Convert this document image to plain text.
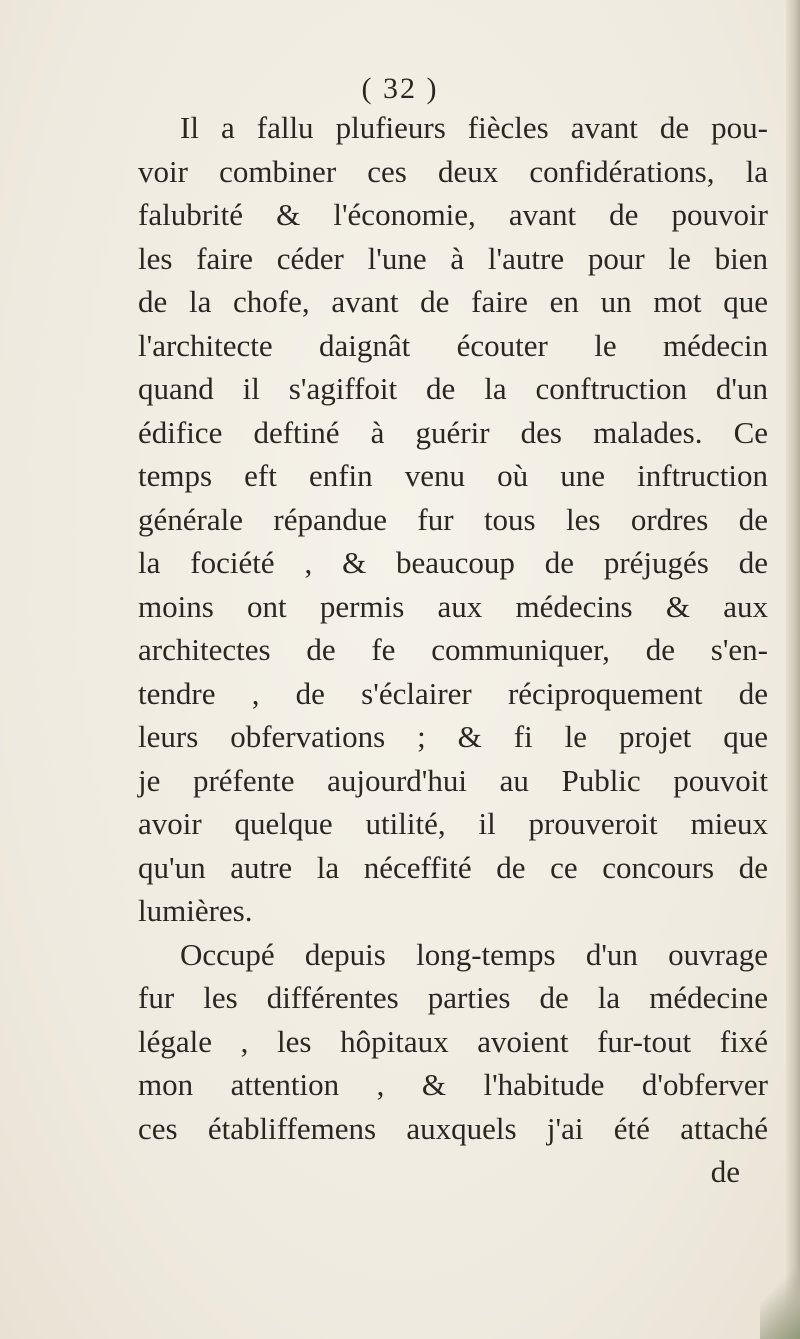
( 32 )
Il a fallu plufieurs fiècles avant de pou-
voir combiner ces deux confidérations, la
falubrité & l'économie, avant de pouvoir
les faire céder l'une à l'autre pour le bien
de la chofe, avant de faire en un mot que
l'architecte daignât écouter le médecin
quand il s'agiffoit de la conftruction d'un
édifice deftiné à guérir des malades. Ce
temps eft enfin venu où une inftruction
générale répandue fur tous les ordres de
la fociété , & beaucoup de préjugés de
moins ont permis aux médecins & aux
architectes de fe communiquer, de s'en-
tendre , de s'éclairer réciproquement de
leurs obfervations ; & fi le projet que
je préfente aujourd'hui au Public pouvoit
avoir quelque utilité, il prouveroit mieux
qu'un autre la néceffité de ce concours de
lumières.
Occupé depuis long-temps d'un ouvrage
fur les différentes parties de la médecine
légale , les hôpitaux avoient fur-tout fixé
mon attention , & l'habitude d'obferver
ces établiffemens auxquels j'ai été attaché
de
